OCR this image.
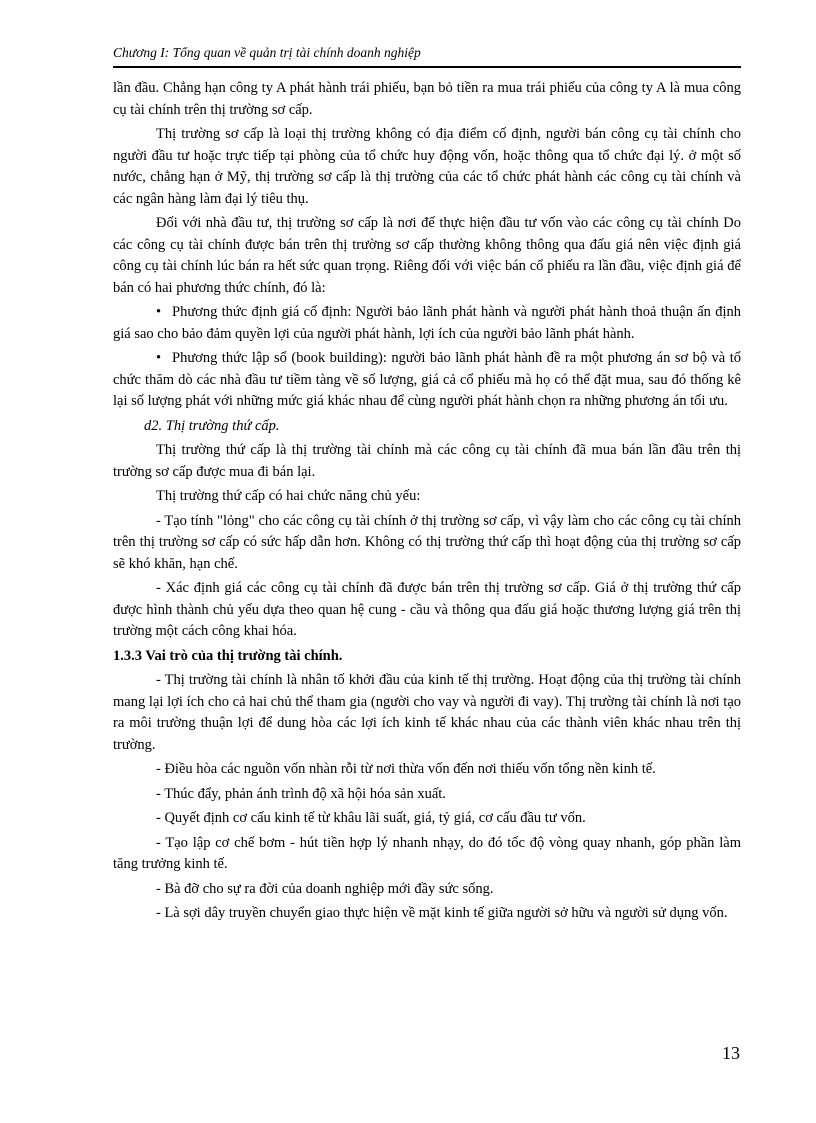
Chương I: Tổng quan về quản trị tài chính doanh nghiệp

lần đầu. Chẳng hạn công ty A phát hành trái phiếu, bạn bỏ tiền ra mua trái phiếu của công ty A là mua công cụ tài chính trên thị trường sơ cấp.

Thị trường sơ cấp là loại thị trường không có địa điểm cố định, người bán công cụ tài chính cho người đầu tư hoặc trực tiếp tại phòng của tổ chức huy động vốn, hoặc thông qua tổ chức đại lý. ở một số nước, chẳng hạn ở Mỹ, thị trường sơ cấp là thị trường của các tổ chức phát hành các công cụ tài chính và các ngân hàng làm đại lý tiêu thụ.

Đối với nhà đầu tư, thị trường sơ cấp là nơi để thực hiện đầu tư vốn vào các công cụ tài chính Do các công cụ tài chính được bán trên thị trường sơ cấp thường không thông qua đấu giá nên việc định giá công cụ tài chính lúc bán ra hết sức quan trọng. Riêng đối với việc bán cổ phiếu ra lần đầu, việc định giá để bán có hai phương thức chính, đó là:

• Phương thức định giá cố định: Người bảo lãnh phát hành và người phát hành thoả thuận ấn định giá sao cho bảo đảm quyền lợi của người phát hành, lợi ích của người bảo lãnh phát hành.

• Phương thức lập sổ (book building): người bảo lãnh phát hành đề ra một phương án sơ bộ và tổ chức thăm dò các nhà đầu tư tiềm tàng về số lượng, giá cả cổ phiếu mà họ có thể đặt mua, sau đó thống kê lại số lượng phát với những mức giá khác nhau để cùng người phát hành chọn ra những phương án tối ưu.

d2. Thị trường thứ cấp.

Thị trường thứ cấp là thị trường tài chính mà các công cụ tài chính đã mua bán lần đầu trên thị trường sơ cấp được mua đi bán lại.

Thị trường thứ cấp có hai chức năng chủ yếu:

- Tạo tính "lỏng" cho các công cụ tài chính ở thị trường sơ cấp, vì vậy làm cho các công cụ tài chính trên thị trường sơ cấp có sức hấp dẫn hơn. Không có thị trường thứ cấp thì hoạt động của thị trường sơ cấp sẽ khó khăn, hạn chế.

- Xác định giá các công cụ tài chính đã được bán trên thị trường sơ cấp. Giá ở thị trường thứ cấp được hình thành chủ yếu dựa theo quan hệ cung - cầu và thông qua đấu giá hoặc thương lượng giá trên thị trường một cách công khai hóa.

1.3.3 Vai trò của thị trường tài chính.

- Thị trường tài chính là nhân tố khởi đầu của kinh tế thị trường. Hoạt động của thị trường tài chính mang lại lợi ích cho cả hai chủ thể tham gia (người cho vay và người đi vay). Thị trường tài chính là nơi tạo ra môi trường thuận lợi để dung hòa các lợi ích kinh tế khác nhau của các thành viên khác nhau trên thị trường.

- Điều hòa các nguồn vốn nhàn rỗi từ nơi thừa vốn đến nơi thiếu vốn tổng nền kinh tế.

- Thúc đẩy, phản ánh trình độ xã hội hóa sản xuất.

- Quyết định cơ cấu kinh tế từ khâu lãi suất, giá, tỷ giá, cơ cấu đầu tư vốn.

- Tạo lập cơ chế bơm - hút tiền hợp lý nhanh nhạy, do đó tốc độ vòng quay nhanh, góp phần làm tăng trưởng kinh tế.

- Bà đỡ cho sự ra đời của doanh nghiệp mới đầy sức sống.

- Là sợi dây truyền chuyển giao thực hiện về mặt kinh tế giữa người sở hữu và người sử dụng vốn.

13
